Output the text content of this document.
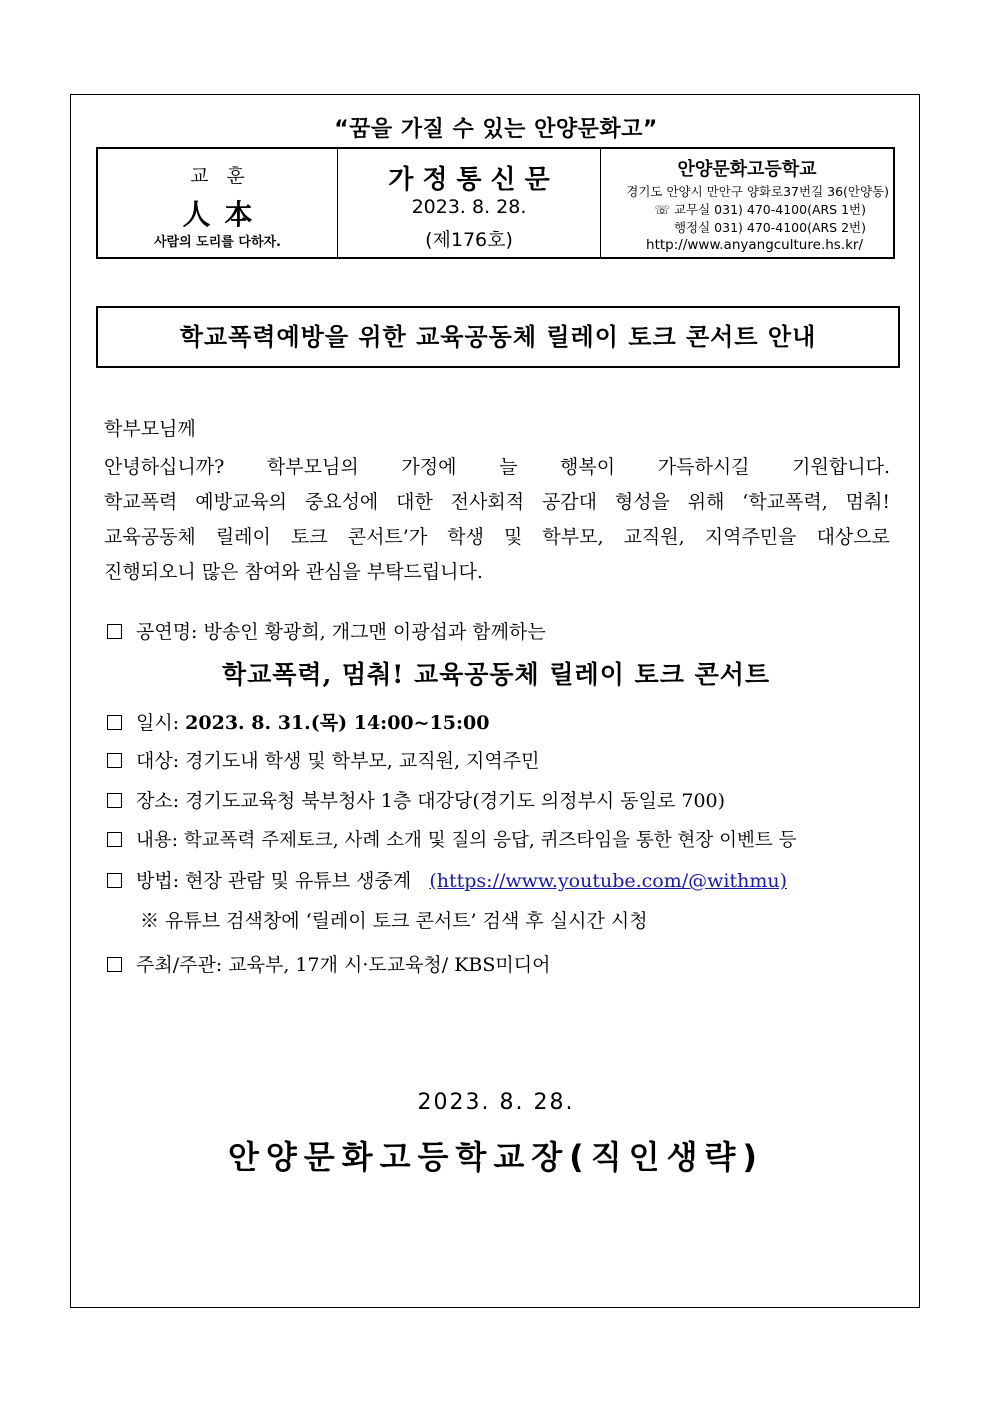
“꿈을 가질 수 있는 안양문화고”
교훈
人本
사람의 도리를 다하자.
가정통신문
2023. 8. 28.
(제176호)
안양문화고등학교
경기도 안양시 만안구 양화로37번길 36(안양동)
☏ 교무실 031) 470-4100(ARS 1번)
행정실 031) 470-4100(ARS 2번)
http://www.anyangculture.hs.kr/
학교폭력예방을 위한 교육공동체 릴레이 토크 콘서트 안내
학부모님께
안녕하십니까? 학부모님의 가정에 늘 행복이 가득하시길 기원합니다.
학교폭력 예방교육의 중요성에 대한 전사회적 공감대 형성을 위해 ‘학교폭력, 멈춰!
교육공동체 릴레이 토크 콘서트’가 학생 및 학부모, 교직원, 지역주민을 대상으로
진행되오니 많은 참여와 관심을 부탁드립니다.
공연명: 방송인 황광희, 개그맨 이광섭과 함께하는
학교폭력, 멈춰! 교육공동체 릴레이 토크 콘서트
일시: 2023. 8. 31.(목) 14:00~15:00
대상: 경기도내 학생 및 학부모, 교직원, 지역주민
장소: 경기도교육청 북부청사 1층 대강당(경기도 의정부시 동일로 700)
내용: 학교폭력 주제토크, 사례 소개 및 질의 응답, 퀴즈타임을 통한 현장 이벤트 등
방법: 현장 관람 및 유튜브 생중계 (https://www.youtube.com/@withmu)
※ 유튜브 검색창에 ‘릴레이 토크 콘서트’ 검색 후 실시간 시청
주최/주관: 교육부, 17개 시·도교육청/ KBS미디어
2023. 8. 28.
안양문화고등학교장(직인생략)
